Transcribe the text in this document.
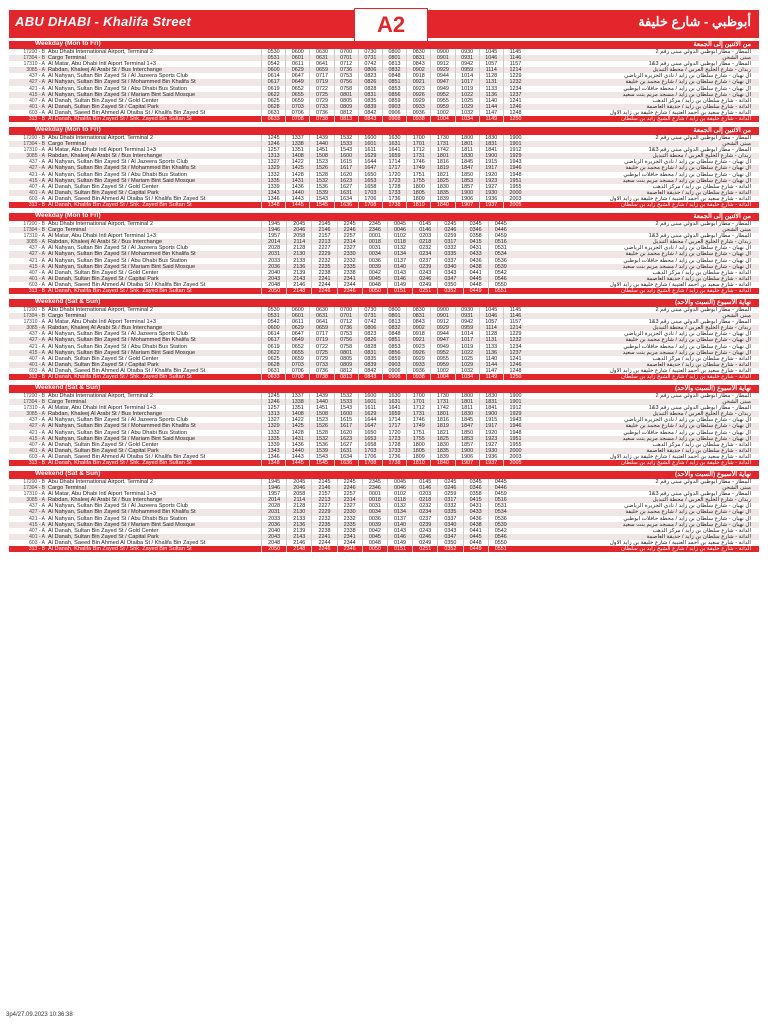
ABU DHABI - Khalifa Street	A2	أبوظبي - شارع خليفة
Weekday (Mon to Fri)	من الاثنين إلى الجمعة
17200 - B Abu Dhabi International Airport, Terminal 2	0530	0600	0630	0700	0730	0800	0830	0900	0930	1045	1145	المطار - مطار أبوظبي الدولي مبنى رقم 2
17304 - B Cargo Terminal	0531	0601	0631	0701	0731	0801	0831	0901	0931	1046	1146	مبنى الشحن
17310 - A Al Matar, Abu Dhabi Intl Aiport Terminal 1+3	0542	0611	0641	0712	0742	0813	0843	0912	0942	1057	1157	المطار - مطار أبوظبي الدولي مبنى رقم 3&1
3085 - A Rabdan, Khaleej Al Arabi St / Bus Interchange	0600	0629	0659	0736	0806	0832	0902	0929	0959	1114	1214	ربدان - شارع الخليج العربي / محطة التبديل
437 - A Al Nahyan, Sultan Bin Zayed St / Al Jazeera Sports Club	0614	0647	0717	0753	0823	0848	0918	0944	1014	1128	1229	آل نهيان - شارع سلطان بن زايد / نادي الجزيرة الرياضي
427 - A Al Nahyan, Sultan Bin Zayed St / Mohammed Bin Khalifa St	0617	0649	0719	0756	0826	0851	0921	0947	1017	1131	1232	آل نهيان - شارع سلطان بن زايد / شارع محمد بن خليفة
421 - A Al Nahyan, Sultan Bin Zayed St / Abu Dhabi Bus Station	0619	0652	0722	0758	0828	0853	0923	0949	1019	1133	1234	آل نهيان - شارع سلطان بن زايد / محطة حافلات أبوظبي
415 - A Al Nahyan, Sultan Bin Zayed St / Mariam Bint Said Mosque	0622	0655	0725	0801	0831	0856	0926	0952	1022	1136	1237	آل نهيان - شارع سلطان بن زايد / مسجد مريم بنت سعيد
407 - A Al Danah, Sultan Bin Zayed St / Gold Center	0625	0659	0729	0805	0835	0859	0929	0955	1025	1140	1241	الدانة - شارع سلطان بن زايد / مركز الذهب
401 - A Al Danah, Sultan Bin Zayed St / Capital Park	0628	0703	0733	0809	0839	0903	0933	0959	1029	1144	1246	الدانة - شارع سلطان بن زايد / حديقة العاصمة
603 - A Al Danah, Saeed Bin Ahmed Al Otaiba St / Khalifa Bin Zayed St	0631	0706	0736	0812	0842	0906	0936	1002	1032	1147	1248	الدانة - شارع سعيد بن أحمد العتيبة / شارع خليفة بن زايد الأول
313 - B Al Danah, Khalifa Bin Zayed St / Shk. Zayed Bin Sultan St	0633	0708	0738	0813	0843	0908	0938	1004	1034	1149	1250	الدانة - شارع خليفة بن زايد / شارع الشيخ زايد بن سلطان
Weekday (Mon to Fri)	من الاثنين إلى الجمعة
17200 - B Abu Dhabi International Airport, Terminal 2	1245	1337	1439	1532	1600	1630	1700	1730	1800	1830	1900	المطار - مطار أبوظبي الدولي مبنى رقم 2
17304 - B Cargo Terminal	1246	1338	1440	1533	1601	1631	1701	1731	1801	1831	1901	مبنى الشحن
17310 - A Al Matar, Abu Dhabi Intl Aiport Terminal 1+3	1257	1351	1451	1543	1611	1641	1712	1742	1811	1841	1912	المطار - مطار أبوظبي الدولي مبنى رقم 3&1
3085 - A Rabdan, Khaleej Al Arabi St / Bus Interchange	1313	1408	1508	1600	1629	1659	1731	1801	1830	1900	1929	ربدان - شارع الخليج العربي / محطة التبديل
437 - A Al Nahyan, Sultan Bin Zayed St / Al Jazeera Sports Club	1327	1422	1523	1615	1644	1714	1746	1816	1845	1915	1943	آل نهيان - شارع سلطان بن زايد / نادي الجزيرة الرياضي
427 - A Al Nahyan, Sultan Bin Zayed St / Mohammed Bin Khalifa St	1329	1425	1526	1617	1647	1717	1749	1819	1847	1917	1946	آل نهيان - شارع سلطان بن زايد / شارع محمد بن خليفة
421 - A Al Nahyan, Sultan Bin Zayed St / Abu Dhabi Bus Station	1332	1428	1528	1620	1650	1720	1751	1821	1850	1920	1948	آل نهيان - شارع سلطان بن زايد / محطة حافلات أبوظبي
415 - A Al Nahyan, Sultan Bin Zayed St / Mariam Bint Said Mosque	1335	1431	1532	1623	1653	1723	1755	1825	1853	1923	1951	آل نهيان - شارع سلطان بن زايد / مسجد مريم بنت سعيد
407 - A Al Danah, Sultan Bin Zayed St / Gold Center	1339	1436	1536	1627	1658	1728	1800	1830	1857	1927	1955	الدانة - شارع سلطان بن زايد / مركز الذهب
401 - A Al Danah, Sultan Bin Zayed St / Capital Park	1343	1440	1539	1631	1703	1733	1805	1835	1900	1930	2000	الدانة - شارع سلطان بن زايد / حديقة العاصمة
603 - A Al Danah, Saeed Bin Ahmed Al Otaiba St / Khalifa Bin Zayed St	1346	1443	1543	1634	1706	1736	1809	1839	1906	1936	2003	الدانة - شارع سعيد بن أحمد العتيبة / شارع خليفة بن زايد الأول
313 - B Al Danah, Khalifa Bin Zayed St / Shk. Zayed Bin Sultan St	1348	1445	1545	1636	1708	1738	1810	1840	1907	1937	2005	الدانة - شارع خليفة بن زايد / شارع الشيخ زايد بن سلطان
Weekday (Mon to Fri)	من الاثنين إلى الجمعة
17200 - B Abu Dhabi International Airport, Terminal 2	1945	2045	2145	2245	2345	0045	0145	0245	0345	0445	المطار - مطار أبوظبي الدولي مبنى رقم 2
17304 - B Cargo Terminal	1946	2046	2146	2246	2346	0046	0146	0246	0346	0446	مبنى الشحن
17310 - A Al Matar, Abu Dhabi Intl Aiport Terminal 1+3	1957	2058	2157	2257	0001	0102	0203	0259	0358	0459	المطار - مطار أبوظبي الدولي مبنى رقم 3&1
3085 - A Rabdan, Khaleej Al Arabi St / Bus Interchange	2014	2114	2213	2314	0018	0118	0218	0317	0415	0516	ربدان - شارع الخليج العربي / محطة التبديل
437 - A Al Nahyan, Sultan Bin Zayed St / Al Jazeera Sports Club	2028	2128	2227	2327	0031	0132	0232	0332	0431	0531	آل نهيان - شارع سلطان بن زايد / نادي الجزيرة الرياضي
427 - A Al Nahyan, Sultan Bin Zayed St / Mohammed Bin Khalifa St	2031	2130	2229	2330	0034	0134	0234	0335	0433	0534	آل نهيان - شارع سلطان بن زايد / شارع محمد بن خليفة
421 - A Al Nahyan, Sultan Bin Zayed St / Abu Dhabi Bus Station	2033	2133	2232	2332	0036	0137	0237	0337	0436	0536	آل نهيان - شارع سلطان بن زايد / محطة حافلات أبوظبي
415 - A Al Nahyan, Sultan Bin Zayed St / Mariam Bint Said Mosque	2036	2136	2235	2335	0039	0140	0239	0340	0438	0539	آل نهيان - شارع سلطان بن زايد / مسجد مريم بنت سعيد
407 - A Al Danah, Sultan Bin Zayed St / Gold Center	2040	2139	2238	2338	0042	0143	0243	0343	0441	0542	الدانة - شارع سلطان بن زايد / مركز الذهب
401 - A Al Danah, Sultan Bin Zayed St / Capital Park	2043	2143	2241	2341	0045	0146	0246	0347	0445	0546	الدانة - شارع سلطان بن زايد / حديقة العاصمة
603 - A Al Danah, Saeed Bin Ahmed Al Otaiba St / Khalifa Bin Zayed St	2048	2146	2244	2344	0048	0149	0249	0350	0448	0550	الدانة - شارع سعيد بن أحمد العتيبة / شارع خليفة بن زايد الأول
313 - B Al Danah, Khalifa Bin Zayed St / Shk. Zayed Bin Sultan St	2050	2148	2246	2346	0050	0151	0251	0352	0449	0551	الدانة - شارع خليفة بن زايد / شارع الشيخ زايد بن سلطان
Weekend (Sat & Sun)	نهاية الأسبوع (السبت والأحد)
17200 - B Abu Dhabi International Airport, Terminal 2	0530	0600	0630	0700	0730	0800	0830	0900	0930	1045	1145	المطار - مطار أبوظبي الدولي مبنى رقم 2
17304 - B Cargo Terminal	0531	0601	0631	0701	0731	0801	0831	0901	0931	1046	1146	مبنى الشحن
17310 - A Al Matar, Abu Dhabi Intl Aiport Terminal 1+3	0542	0611	0641	0712	0742	0813	0843	0912	0942	1057	1157	المطار - مطار أبوظبي الدولي مبنى رقم 3&1
3085 - A Rabdan, Khaleej Al Arabi St / Bus Interchange	0600	0629	0659	0736	0806	0832	0902	0929	0959	1114	1214	ربدان - شارع الخليج العربي / محطة التبديل
437 - A Al Nahyan, Sultan Bin Zayed St / Al Jazeera Sports Club	0614	0647	0717	0753	0823	0848	0918	0944	1014	1128	1229	آل نهيان - شارع سلطان بن زايد / نادي الجزيرة الرياضي
427 - A Al Nahyan, Sultan Bin Zayed St / Mohammed Bin Khalifa St	0617	0649	0719	0756	0826	0851	0921	0947	1017	1131	1232	آل نهيان - شارع سلطان بن زايد / شارع محمد بن خليفة
421 - A Al Nahyan, Sultan Bin Zayed St / Abu Dhabi Bus Station	0619	0652	0722	0758	0828	0853	0923	0949	1019	1133	1234	آل نهيان - شارع سلطان بن زايد / محطة حافلات أبوظبي
415 - A Al Nahyan, Sultan Bin Zayed St / Mariam Bint Said Mosque	0622	0655	0725	0801	0831	0856	0926	0952	1022	1136	1237	آل نهيان - شارع سلطان بن زايد / مسجد مريم بنت سعيد
407 - A Al Danah, Sultan Bin Zayed St / Gold Center	0625	0659	0729	0805	0835	0859	0929	0955	1025	1140	1241	الدانة - شارع سلطان بن زايد / مركز الذهب
401 - A Al Danah, Sultan Bin Zayed St / Capital Park	0628	0703	0733	0809	0839	0903	0933	0959	1029	1144	1246	الدانة - شارع سلطان بن زايد / حديقة العاصمة
603 - A Al Danah, Saeed Bin Ahmed Al Otaiba St / Khalifa Bin Zayed St	0631	0706	0736	0812	0842	0906	0936	1002	1032	1147	1248	الدانة - شارع سعيد بن أحمد العتيبة / شارع خليفة بن زايد الأول
313 - B Al Danah, Khalifa Bin Zayed St / Shk. Zayed Bin Sultan St	0633	0708	0738	0813	0843	0908	0938	1004	1034	1149	1250	الدانة - شارع خليفة بن زايد / شارع الشيخ زايد بن سلطان
Weekend (Sat & Sun)	نهاية الأسبوع (السبت والأحد)
17200 - B Abu Dhabi International Airport, Terminal 2	1245	1337	1439	1532	1600	1630	1700	1730	1800	1830	1900	المطار - مطار أبوظبي الدولي مبنى رقم 2
17304 - B Cargo Terminal	1246	1338	1440	1533	1601	1631	1701	1731	1801	1831	1901	مبنى الشحن
17310 - A Al Matar, Abu Dhabi Intl Aiport Terminal 1+3	1257	1351	1451	1543	1611	1641	1712	1742	1811	1841	1912	المطار - مطار أبوظبي الدولي مبنى رقم 3&1
3085 - A Rabdan, Khaleej Al Arabi St / Bus Interchange	1313	1408	1508	1600	1629	1659	1731	1801	1830	1900	1929	ربدان - شارع الخليج العربي / محطة التبديل
437 - A Al Nahyan, Sultan Bin Zayed St / Al Jazeera Sports Club	1327	1422	1523	1615	1644	1714	1746	1816	1845	1915	1943	آل نهيان - شارع سلطان بن زايد / نادي الجزيرة الرياضي
427 - A Al Nahyan, Sultan Bin Zayed St / Mohammed Bin Khalifa St	1329	1425	1526	1617	1647	1717	1749	1819	1847	1917	1946	آل نهيان - شارع سلطان بن زايد / شارع محمد بن خليفة
421 - A Al Nahyan, Sultan Bin Zayed St / Abu Dhabi Bus Station	1332	1428	1528	1620	1650	1720	1751	1821	1850	1920	1948	آل نهيان - شارع سلطان بن زايد / محطة حافلات أبوظبي
415 - A Al Nahyan, Sultan Bin Zayed St / Mariam Bint Said Mosque	1335	1431	1532	1623	1653	1723	1755	1825	1853	1923	1951	آل نهيان - شارع سلطان بن زايد / مسجد مريم بنت سعيد
407 - A Al Danah, Sultan Bin Zayed St / Gold Center	1339	1436	1536	1627	1658	1728	1800	1830	1857	1927	1955	الدانة - شارع سلطان بن زايد / مركز الذهب
401 - A Al Danah, Sultan Bin Zayed St / Capital Park	1343	1440	1539	1631	1703	1733	1805	1835	1900	1930	2000	الدانة - شارع سلطان بن زايد / حديقة العاصمة
603 - A Al Danah, Saeed Bin Ahmed Al Otaiba St / Khalifa Bin Zayed St	1346	1443	1543	1634	1706	1736	1809	1839	1906	1936	2003	الدانة - شارع سعيد بن أحمد العتيبة / شارع خليفة بن زايد الأول
313 - B Al Danah, Khalifa Bin Zayed St / Shk. Zayed Bin Sultan St	1348	1445	1545	1636	1708	1738	1810	1840	1907	1937	2005	الدانة - شارع خليفة بن زايد / شارع الشيخ زايد بن سلطان
Weekend (Sat & Sun)	نهاية الأسبوع (السبت والأحد)
17200 - B Abu Dhabi International Airport, Terminal 2	1945	2045	2145	2245	2345	0045	0145	0245	0345	0445	المطار - مطار أبوظبي الدولي مبنى رقم 2
17304 - B Cargo Terminal	1946	2046	2146	2246	2346	0046	0146	0246	0346	0446	مبنى الشحن
17310 - A Al Matar, Abu Dhabi Intl Aiport Terminal 1+3	1957	2058	2157	2257	0001	0102	0203	0259	0358	0459	المطار - مطار أبوظبي الدولي مبنى رقم 3&1
3085 - A Rabdan, Khaleej Al Arabi St / Bus Interchange	2014	2114	2213	2314	0018	0118	0218	0317	0415	0516	ربدان - شارع الخليج العربي / محطة التبديل
437 - A Al Nahyan, Sultan Bin Zayed St / Al Jazeera Sports Club	2028	2128	2227	2327	0031	0132	0232	0332	0431	0531	آل نهيان - شارع سلطان بن زايد / نادي الجزيرة الرياضي
427 - A Al Nahyan, Sultan Bin Zayed St / Mohammed Bin Khalifa St	2031	2130	2229	2330	0034	0134	0234	0335	0433	0534	آل نهيان - شارع سلطان بن زايد / شارع محمد بن خليفة
421 - A Al Nahyan, Sultan Bin Zayed St / Abu Dhabi Bus Station	2033	2133	2232	2332	0036	0137	0237	0337	0436	0536	آل نهيان - شارع سلطان بن زايد / محطة حافلات أبوظبي
415 - A Al Nahyan, Sultan Bin Zayed St / Mariam Bint Said Mosque	2036	2136	2235	2335	0039	0140	0239	0340	0438	0539	آل نهيان - شارع سلطان بن زايد / مسجد مريم بنت سعيد
407 - A Al Danah, Sultan Bin Zayed St / Gold Center	2040	2139	2238	2338	0042	0143	0243	0343	0441	0542	الدانة - شارع سلطان بن زايد / مركز الذهب
401 - A Al Danah, Sultan Bin Zayed St / Capital Park	2043	2143	2241	2341	0045	0146	0246	0347	0445	0546	الدانة - شارع سلطان بن زايد / حديقة العاصمة
603 - A Al Danah, Saeed Bin Ahmed Al Otaiba St / Khalifa Bin Zayed St	2048	2146	2244	2344	0048	0149	0249	0350	0448	0550	الدانة - شارع سعيد بن أحمد العتيبة / شارع خليفة بن زايد الأول
313 - B Al Danah, Khalifa Bin Zayed St / Shk. Zayed Bin Sultan St	2050	2148	2246	2346	0050	0151	0251	0352	0449	0551	الدانة - شارع خليفة بن زايد / شارع الشيخ زايد بن سلطان
3p4/27.09.2023 10:36:38
